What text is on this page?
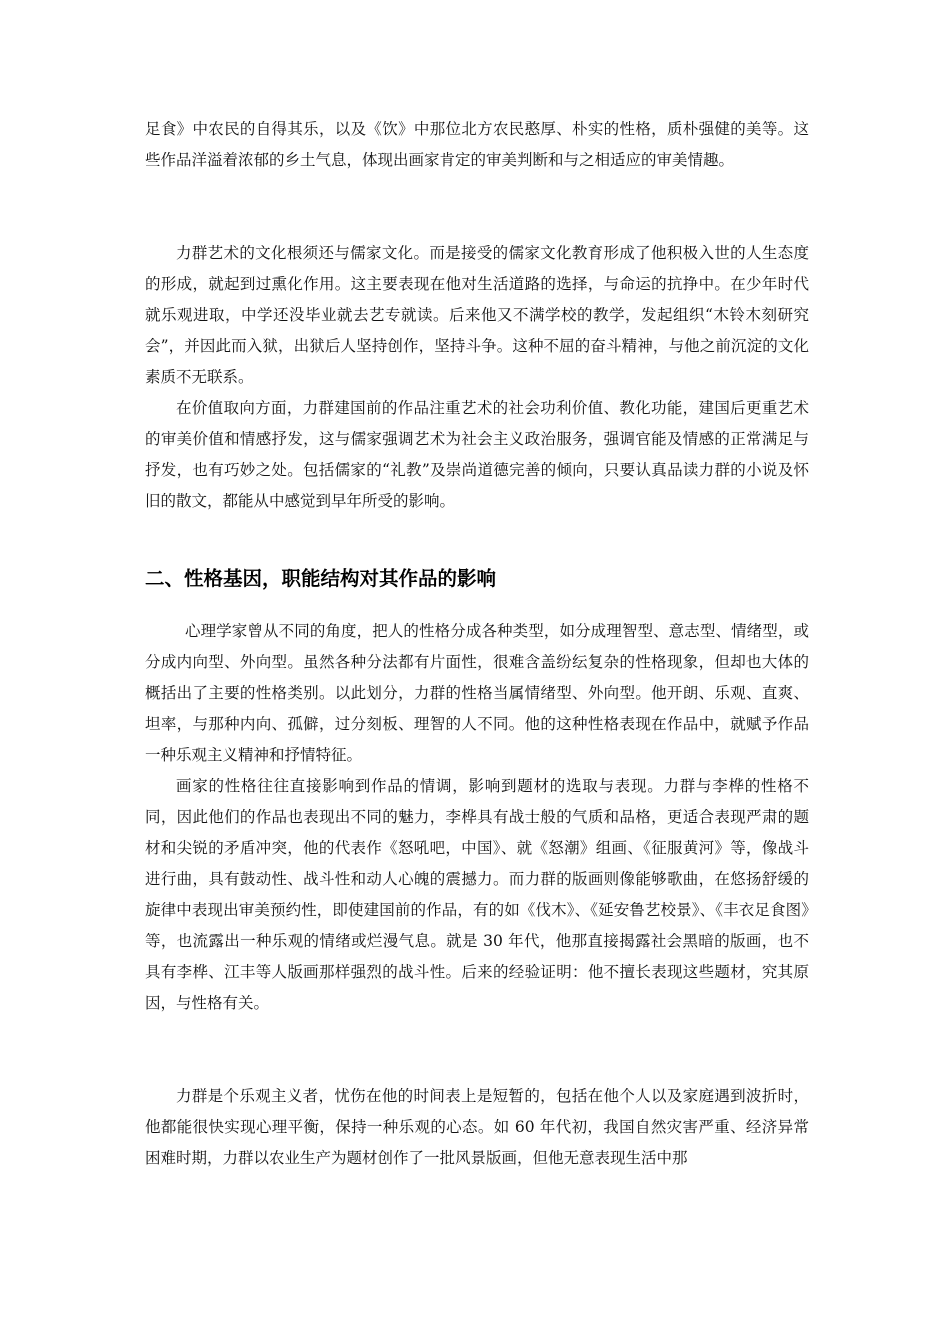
足食》中农民的自得其乐，以及《饮》中那位北方农民憨厚、朴实的性格，质朴强健的美等。这些作品洋溢着浓郁的乡土气息，体现出画家肯定的审美判断和与之相适应的审美情趣。

力群艺术的文化根须还与儒家文化。而是接受的儒家文化教育形成了他积极入世的人生态度的形成，就起到过熏化作用。这主要表现在他对生活道路的选择，与命运的抗挣中。在少年时代就乐观进取，中学还没毕业就去艺专就读。后来他又不满学校的教学，发起组织“木铃木刻研究会”，并因此而入狱，出狱后人坚持创作，坚持斗争。这种不屈的奋斗精神，与他之前沉淀的文化素质不无联系。

在价值取向方面，力群建国前的作品注重艺术的社会功利价值、教化功能，建国后更重艺术的审美价值和情感抒发，这与儒家强调艺术为社会主义政治服务，强调官能及情感的正常满足与抒发，也有巧妙之处。包括儒家的“礼教”及崇尚道德完善的倾向，只要认真品读力群的小说及怀旧的散文，都能从中感觉到早年所受的影响。

二、性格基因，职能结构对其作品的影响

心理学家曾从不同的角度，把人的性格分成各种类型，如分成理智型、意志型、情绪型，或分成内向型、外向型。虽然各种分法都有片面性，很难含盖纷纭复杂的性格现象，但却也大体的概括出了主要的性格类别。以此划分，力群的性格当属情绪型、外向型。他开朗、乐观、直爽、坦率，与那种内向、孤僻，过分刻板、理智的人不同。他的这种性格表现在作品中，就赋予作品一种乐观主义精神和抒情特征。

画家的性格往往直接影响到作品的情调，影响到题材的选取与表现。力群与李桦的性格不同，因此他们的作品也表现出不同的魅力，李桦具有战士般的气质和品格，更适合表现严肃的题材和尖锐的矛盾冲突，他的代表作《怒吼吧，中国》、就《怒潮》组画、《征服黄河》等，像战斗进行曲，具有鼓动性、战斗性和动人心魄的震撼力。而力群的版画则像能够歌曲，在悠扬舒缓的旋律中表现出审美预约性，即使建国前的作品，有的如《伐木》、《延安鲁艺校景》、《丰衣足食图》等，也流露出一种乐观的情绪或烂漫气息。就是 30 年代，他那直接揭露社会黑暗的版画，也不具有李桦、江丰等人版画那样强烈的战斗性。后来的经验证明：他不擅长表现这些题材，究其原因，与性格有关。

力群是个乐观主义者，忧伤在他的时间表上是短暂的，包括在他个人以及家庭遇到波折时，他都能很快实现心理平衡，保持一种乐观的心态。如 60 年代初，我国自然灾害严重、经济异常困难时期，力群以农业生产为题材创作了一批风景版画，但他无意表现生活中那
